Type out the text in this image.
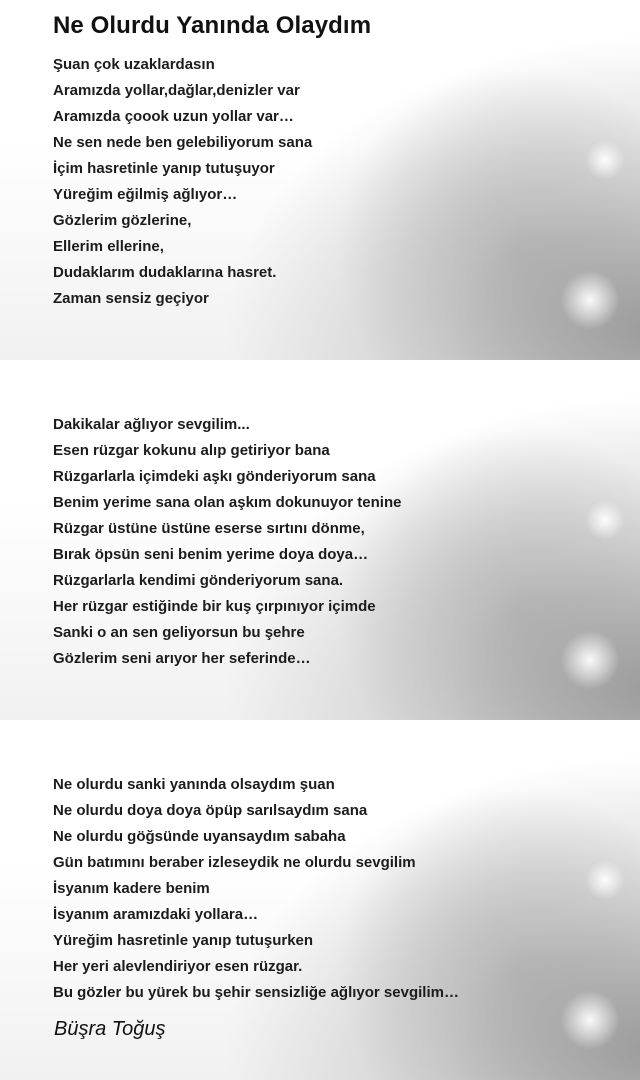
Ne Olurdu Yanında Olaydım
Şuan çok uzaklardasın
Aramızda yollar,dağlar,denizler var
Aramızda çoook uzun yollar var…
Ne sen nede ben gelebiliyorum sana
İçim hasretinle yanıp tutuşuyor
Yüreğim eğilmiş ağlıyor…
Gözlerim gözlerine,
Ellerim ellerine,
Dudaklarım dudaklarına hasret.
Zaman sensiz geçiyor
Dakikalar ağlıyor sevgilim...
Esen rüzgar kokunu alıp getiriyor bana
Rüzgarlarla içimdeki aşkı gönderiyorum sana
Benim yerime sana olan aşkım dokunuyor tenine
Rüzgar üstüne üstüne eserse sırtını dönme,
Bırak öpsün seni benim yerime doya doya…
Rüzgarlarla kendimi gönderiyorum sana.
Her rüzgar estiğinde bir kuş çırpınıyor içimde
Sanki o an sen geliyorsun bu şehre
Gözlerim seni arıyor her seferinde…
Ne olurdu sanki yanında olsaydım şuan
Ne olurdu doya doya öpüp sarılsaydım sana
Ne olurdu göğsünde uyansaydım sabaha
Gün batımını beraber izleseydik ne olurdu sevgilim
İsyanım kadere benim
İsyanım aramızdaki yollara…
Yüreğim hasretinle yanıp tutuşurken
Her yeri alevlendiriyor esen rüzgar.
Bu gözler bu yürek bu şehir sensizliğe ağlıyor sevgilim…
Büşra Toğuş
